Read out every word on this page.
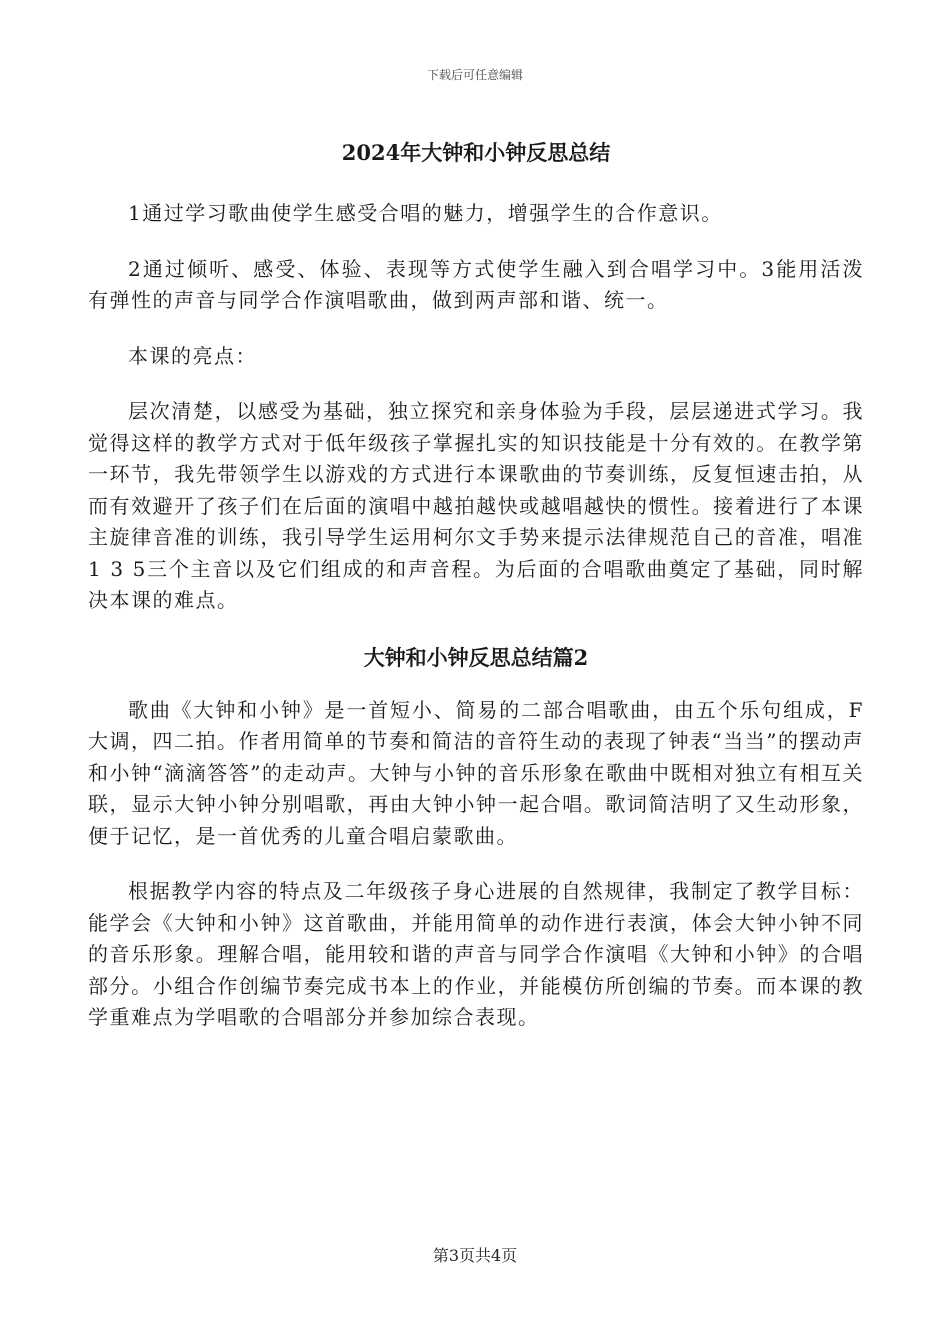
下载后可任意编辑
2024年大钟和小钟反思总结

1通过学习歌曲使学生感受合唱的魅力，增强学生的合作意识。

2通过倾听、感受、体验、表现等方式使学生融入到合唱学习中。3能用活泼有弹性的声音与同学合作演唱歌曲，做到两声部和谐、统一。

本课的亮点：

层次清楚，以感受为基础，独立探究和亲身体验为手段，层层递进式学习。我觉得这样的教学方式对于低年级孩子掌握扎实的知识技能是十分有效的。在教学第一环节，我先带领学生以游戏的方式进行本课歌曲的节奏训练，反复恒速击拍，从而有效避开了孩子们在后面的演唱中越拍越快或越唱越快的惯性。接着进行了本课主旋律音准的训练，我引导学生运用柯尔文手势来提示法律规范自己的音准，唱准1 3 5三个主音以及它们组成的和声音程。为后面的合唱歌曲奠定了基础，同时解决本课的难点。

大钟和小钟反思总结篇2

歌曲《大钟和小钟》是一首短小、简易的二部合唱歌曲，由五个乐句组成，F大调，四二拍。作者用简单的节奏和简洁的音符生动的表现了钟表“当当”的摆动声和小钟“滴滴答答”的走动声。大钟与小钟的音乐形象在歌曲中既相对独立有相互关联，显示大钟小钟分别唱歌，再由大钟小钟一起合唱。歌词简洁明了又生动形象，便于记忆，是一首优秀的儿童合唱启蒙歌曲。

根据教学内容的特点及二年级孩子身心进展的自然规律，我制定了教学目标：能学会《大钟和小钟》这首歌曲，并能用简单的动作进行表演，体会大钟小钟不同的音乐形象。理解合唱，能用较和谐的声音与同学合作演唱《大钟和小钟》的合唱部分。小组合作创编节奏完成书本上的作业，并能模仿所创编的节奏。而本课的教学重难点为学唱歌的合唱部分并参加综合表现。

第3页共4页
